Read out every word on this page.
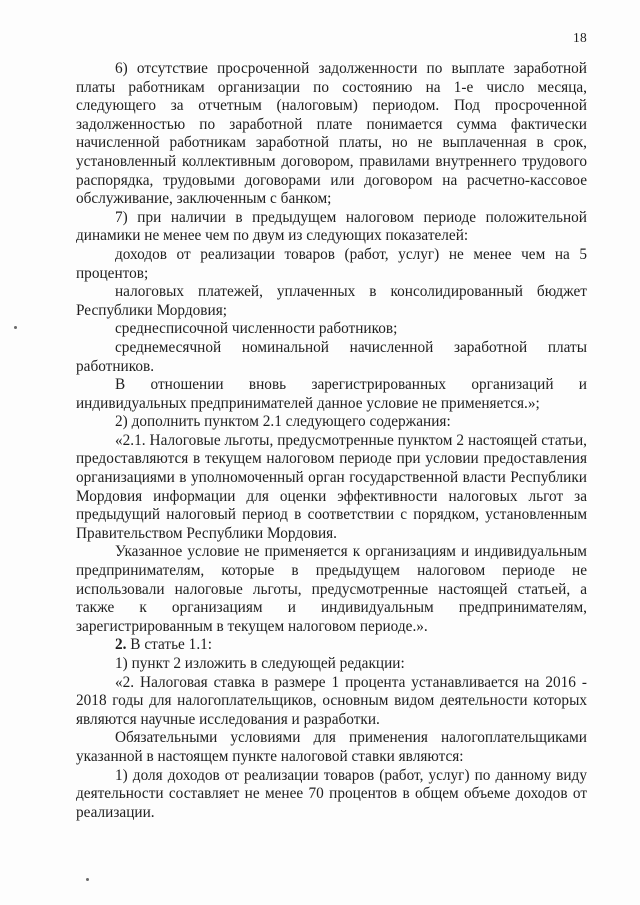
18

6) отсутствие просроченной задолженности по выплате заработной платы работникам организации по состоянию на 1-е число месяца, следующего за отчетным (налоговым) периодом. Под просроченной задолженностью по заработной плате понимается сумма фактически начисленной работникам заработной платы, но не выплаченная в срок, установленный коллективным договором, правилами внутреннего трудового распорядка, трудовыми договорами или договором на расчетно-кассовое обслуживание, заключенным с банком;

7) при наличии в предыдущем налоговом периоде положительной динамики не менее чем по двум из следующих показателей:

доходов от реализации товаров (работ, услуг) не менее чем на 5 процентов;

налоговых платежей, уплаченных в консолидированный бюджет Республики Мордовия;

среднесписочной численности работников;

среднемесячной номинальной начисленной заработной платы работников.

В отношении вновь зарегистрированных организаций и индивидуальных предпринимателей данное условие не применяется.»;

2) дополнить пунктом 2.1 следующего содержания:

«2.1. Налоговые льготы, предусмотренные пунктом 2 настоящей статьи, предоставляются в текущем налоговом периоде при условии предоставления организациями в уполномоченный орган государственной власти Республики Мордовия информации для оценки эффективности налоговых льгот за предыдущий налоговый период в соответствии с порядком, установленным Правительством Республики Мордовия.

Указанное условие не применяется к организациям и индивидуальным предпринимателям, которые в предыдущем налоговом периоде не использовали налоговые льготы, предусмотренные настоящей статьей, а также к организациям и индивидуальным предпринимателям, зарегистрированным в текущем налоговом периоде.».

2. В статье 1.1:

1) пункт 2 изложить в следующей редакции:

«2. Налоговая ставка в размере 1 процента устанавливается на 2016 - 2018 годы для налогоплательщиков, основным видом деятельности которых являются научные исследования и разработки.

Обязательными условиями для применения налогоплательщиками указанной в настоящем пункте налоговой ставки являются:

1) доля доходов от реализации товаров (работ, услуг) по данному виду деятельности составляет не менее 70 процентов в общем объеме доходов от реализации.
